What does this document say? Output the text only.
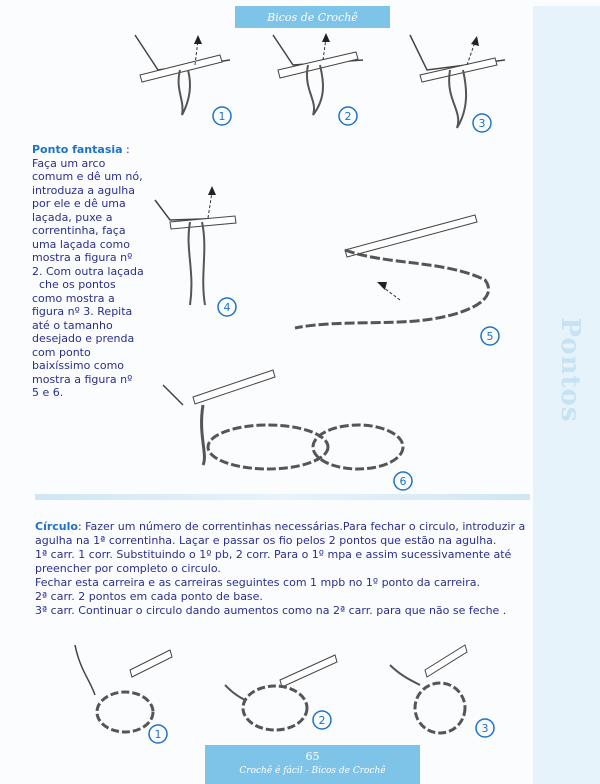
Bicos de Crochê
Pontos
1	2
3
Ponto fantasia :

Faça um arco
comum e dê um nó,
introduza a agulha
por ele e dê uma
laçada, puxe a
correntinha, faça
uma laçada como
mostra a figura nº
2. Com outra laçada
che os pontos
como mostra a
figura nº 3. Repita
até o tamanho
desejado e prenda
com ponto
baixíssimo como
mostra a figura nº
5 e 6.
4
5
6

Círculo: Fazer um número de correntinhas necessárias.Para fechar o circulo, introduzir a agulha na 1ª correntinha. Laçar e passar os fio pelos 2 pontos que estão na agulha.

1ª carr. 1 corr. Substituindo o 1º pb, 2 corr. Para o 1º mpa e assim sucessivamente até preencher por completo o circulo.

Fechar esta carreira e as carreiras seguintes com 1 mpb no 1º ponto da carreira.

2ª carr. 2 pontos em cada ponto de base.

3ª carr. Continuar o circulo dando aumentos como na 2ª carr. para que não se feche .

1
2
3
65
Crochê é fácil - Bicos de Crochê
